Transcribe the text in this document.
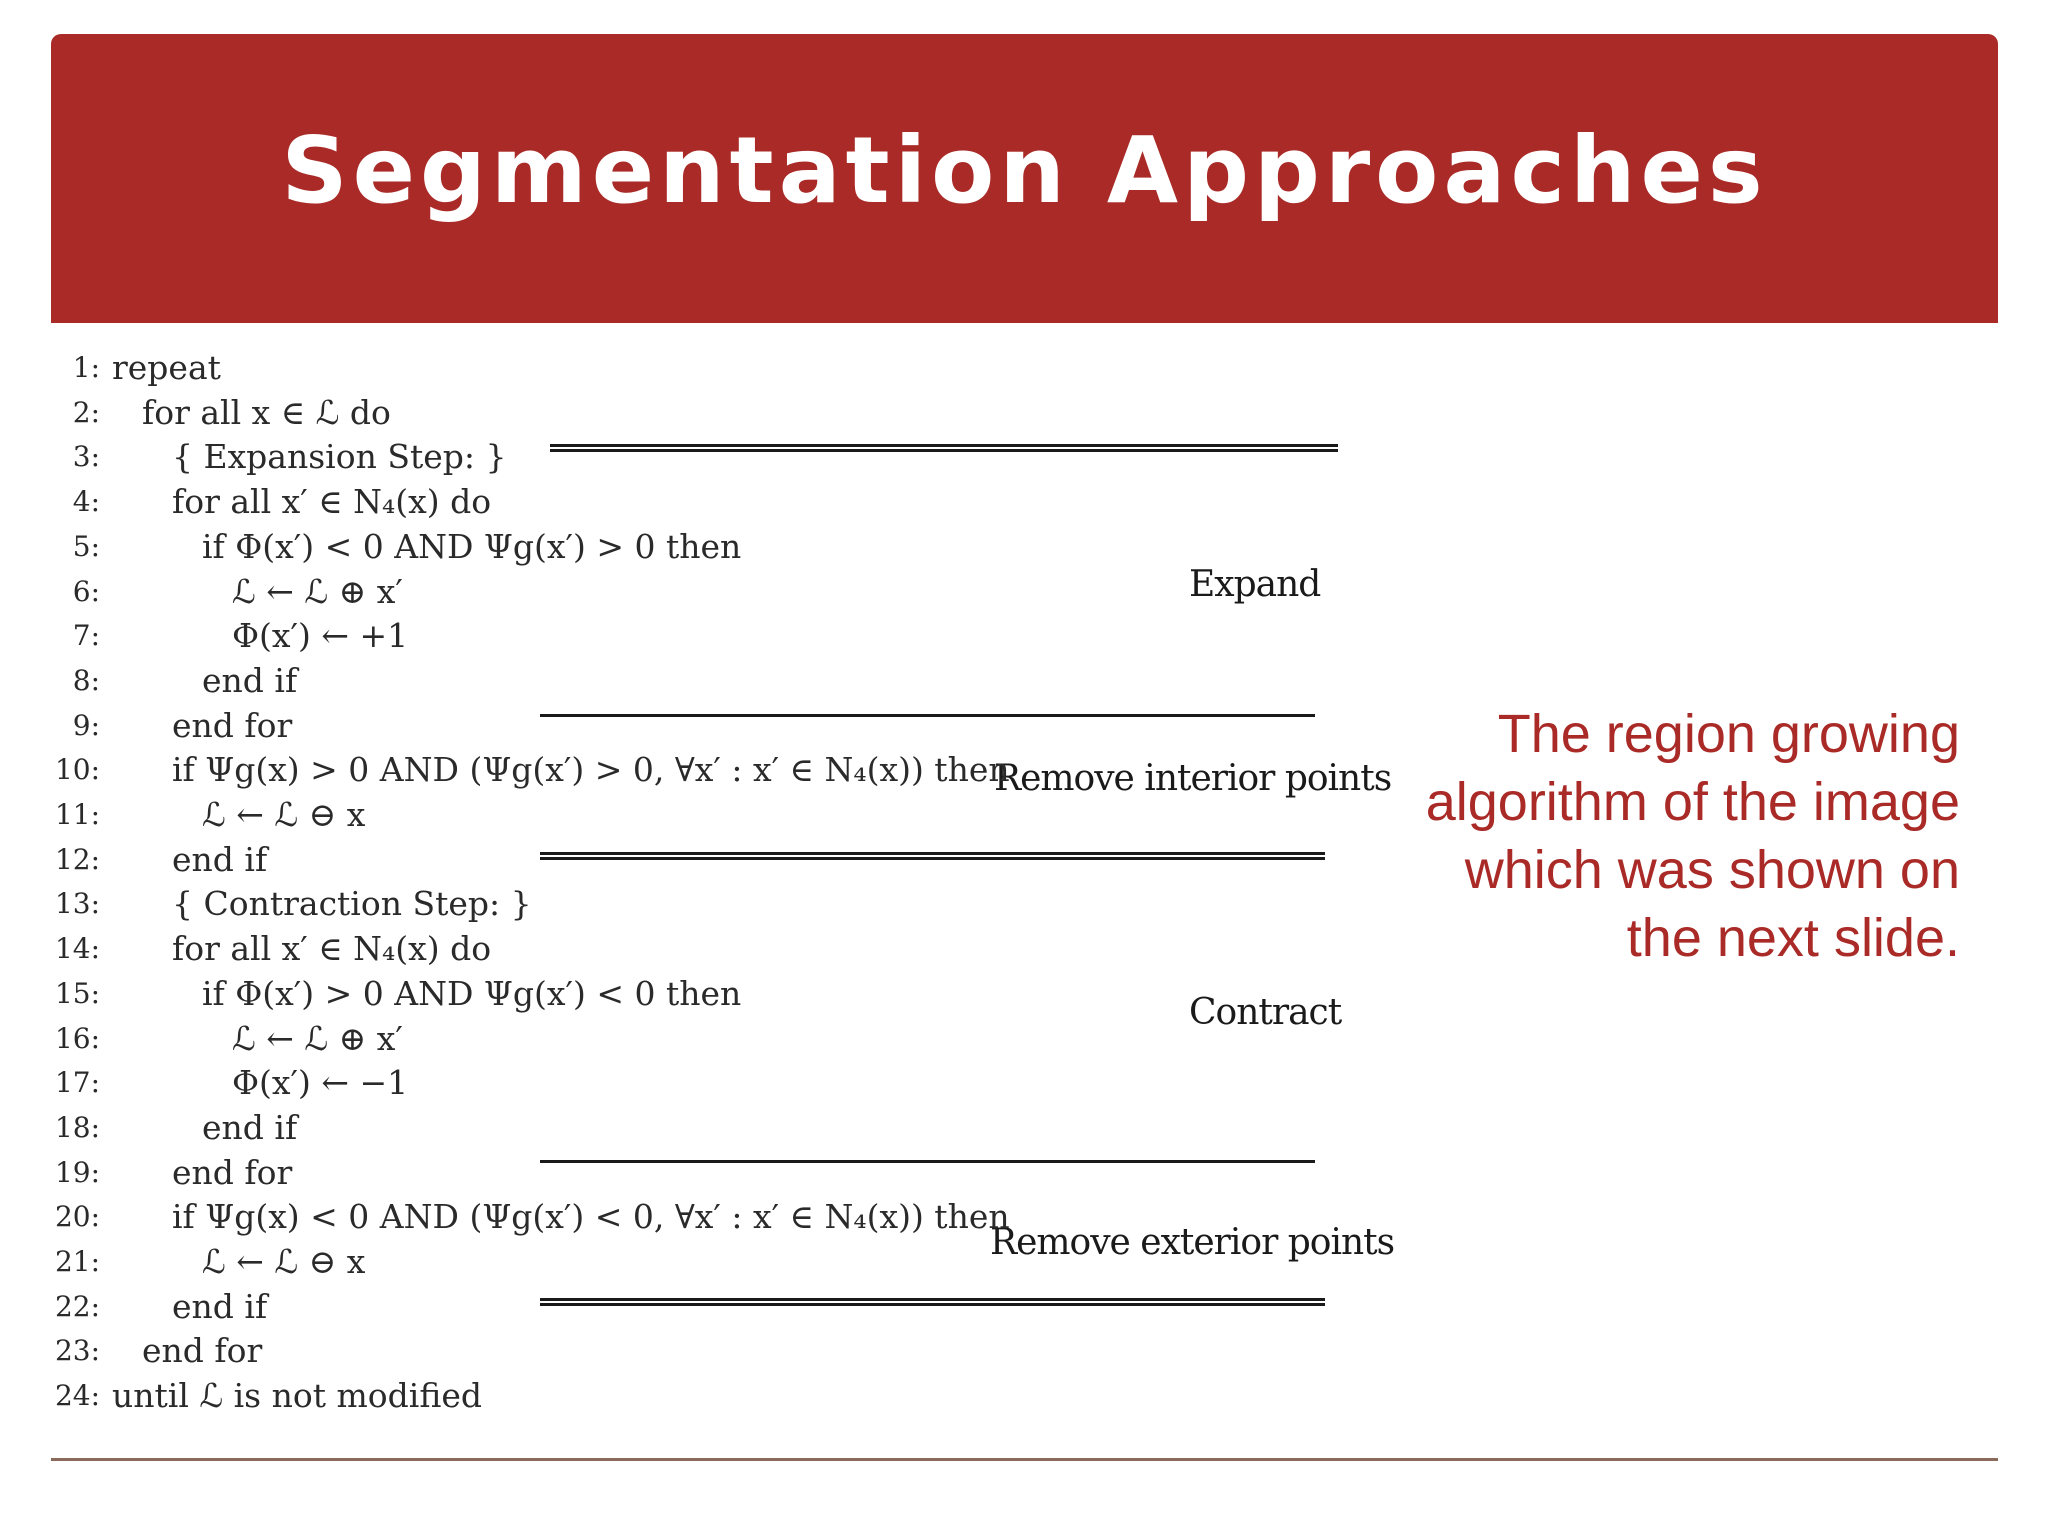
Segmentation Approaches
Expand
Remove interior points
Contract
Remove exterior points
1: repeat
2: for all x ∈ ℒ do
3: { Expansion Step: }
4: for all x′ ∈ N₄(x) do
5:	if Φ(x′) < 0 AND Ψg(x′) > 0 then
6:	ℒ ← ℒ ⊕ x′
7:	Φ(x′) ← +1
8:	end if
9: end for
10: if Ψg(x) > 0 AND (Ψg(x′) > 0, ∀x′ : x′ ∈ N₄(x)) then
11:	ℒ ← ℒ ⊖ x
12: end if
13: { Contraction Step: }
14: for all x′ ∈ N₄(x) do
15:	if Φ(x′) > 0 AND Ψg(x′) < 0 then
16:	ℒ ← ℒ ⊕ x′
17:	Φ(x′) ← −1
18:	end if
19: end for
20: if Ψg(x) < 0 AND (Ψg(x′) < 0, ∀x′ : x′ ∈ N₄(x)) then
21:	ℒ ← ℒ ⊖ x
22: end if
23: end for
24: until ℒ is not modified
The region growing algorithm of the image which was shown on the next slide.
